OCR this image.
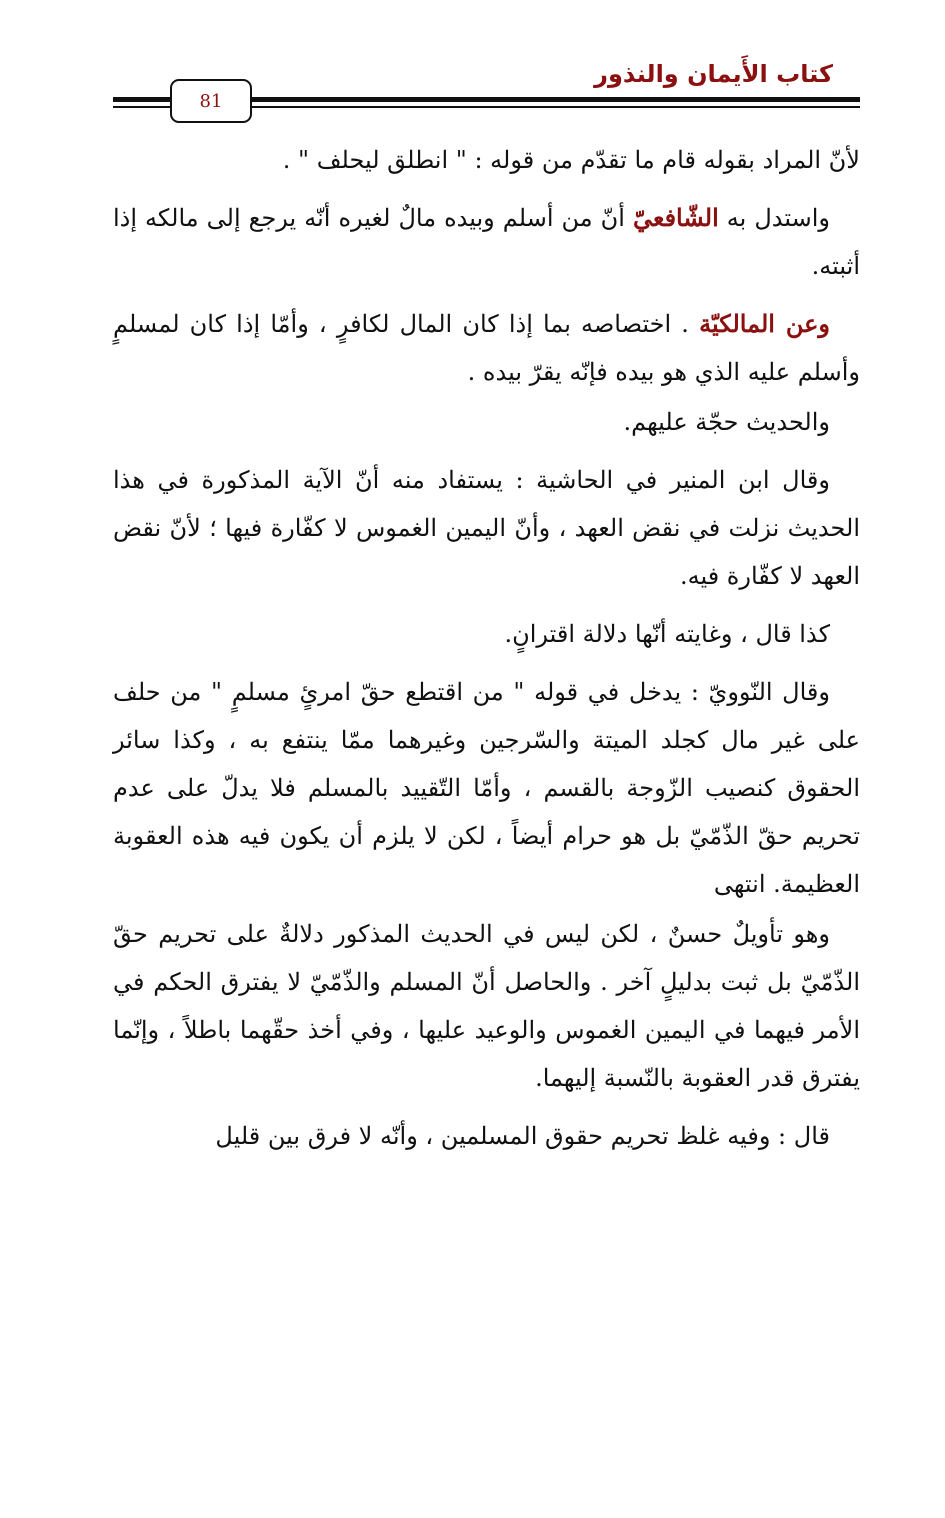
كتاب الأَيمان والنذور
81

لأنّ المراد بقوله قام ما تقدّم من قوله : " انطلق ليحلف " .

واستدل به الشّافعيّ أنّ من أسلم وبيده مالٌ لغيره أنّه يرجع إلى مالكه إذا أثبته.

وعن المالكيّة . اختصاصه بما إذا كان المال لكافرٍ ، وأمّا إذا كان لمسلمٍ وأسلم عليه الذي هو بيده فإنّه يقرّ بيده .

والحديث حجّة عليهم.

وقال ابن المنير في الحاشية : يستفاد منه أنّ الآية المذكورة في هذا الحديث نزلت في نقض العهد ، وأنّ اليمين الغموس لا كفّارة فيها ؛ لأنّ نقض العهد لا كفّارة فيه.

كذا قال ، وغايته أنّها دلالة اقترانٍ.

وقال النّوويّ : يدخل في قوله " من اقتطع حقّ امرئٍ مسلمٍ " من حلف على غير مال كجلد الميتة والسّرجين وغيرهما ممّا ينتفع به ، وكذا سائر الحقوق كنصيب الزّوجة بالقسم ، وأمّا التّقييد بالمسلم فلا يدلّ على عدم تحريم حقّ الذّمّيّ بل هو حرام أيضاً ، لكن لا يلزم أن يكون فيه هذه العقوبة العظيمة. انتهى

وهو تأويلٌ حسنٌ ، لكن ليس في الحديث المذكور دلالةٌ على تحريم حقّ الذّمّيّ بل ثبت بدليلٍ آخر . والحاصل أنّ المسلم والذّمّيّ لا يفترق الحكم في الأمر فيهما في اليمين الغموس والوعيد عليها ، وفي أخذ حقّهما باطلاً ، وإنّما يفترق قدر العقوبة بالنّسبة إليهما.

قال : وفيه غلظ تحريم حقوق المسلمين ، وأنّه لا فرق بين قليل
